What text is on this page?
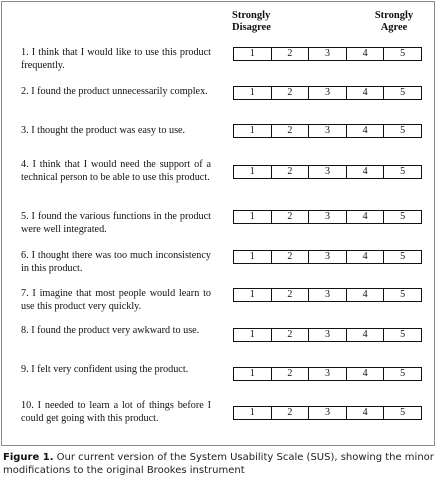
Strongly
Disagree
Strongly
Agree
1. I think that I would like to use this product frequently.
1	2	3	4	5
2. I found the product unnecessarily complex.	1	2	3	4	5
3. I thought the product was easy to use.	1	2	3	4	5
4. I think that I would need the support of a technical person to be able to use this product.
1	2	3	4	5
5. I found the various functions in the product were well integrated.
1	2	3	4	5
6. I thought there was too much inconsistency in this product.
1	2	3	4	5
7. I imagine that most people would learn to use this product very quickly.
1	2	3	4	5
8. I found the product very awkward to use.	1	2	3	4	5
9. I felt very confident using the product.	1	2	3	4	5
10. I needed to learn a lot of things before I could get going with this product.
1	2	3	4	5
Figure 1. Our current version of the System Usability Scale (SUS), showing the minor modifications to the original Brookes instrument
